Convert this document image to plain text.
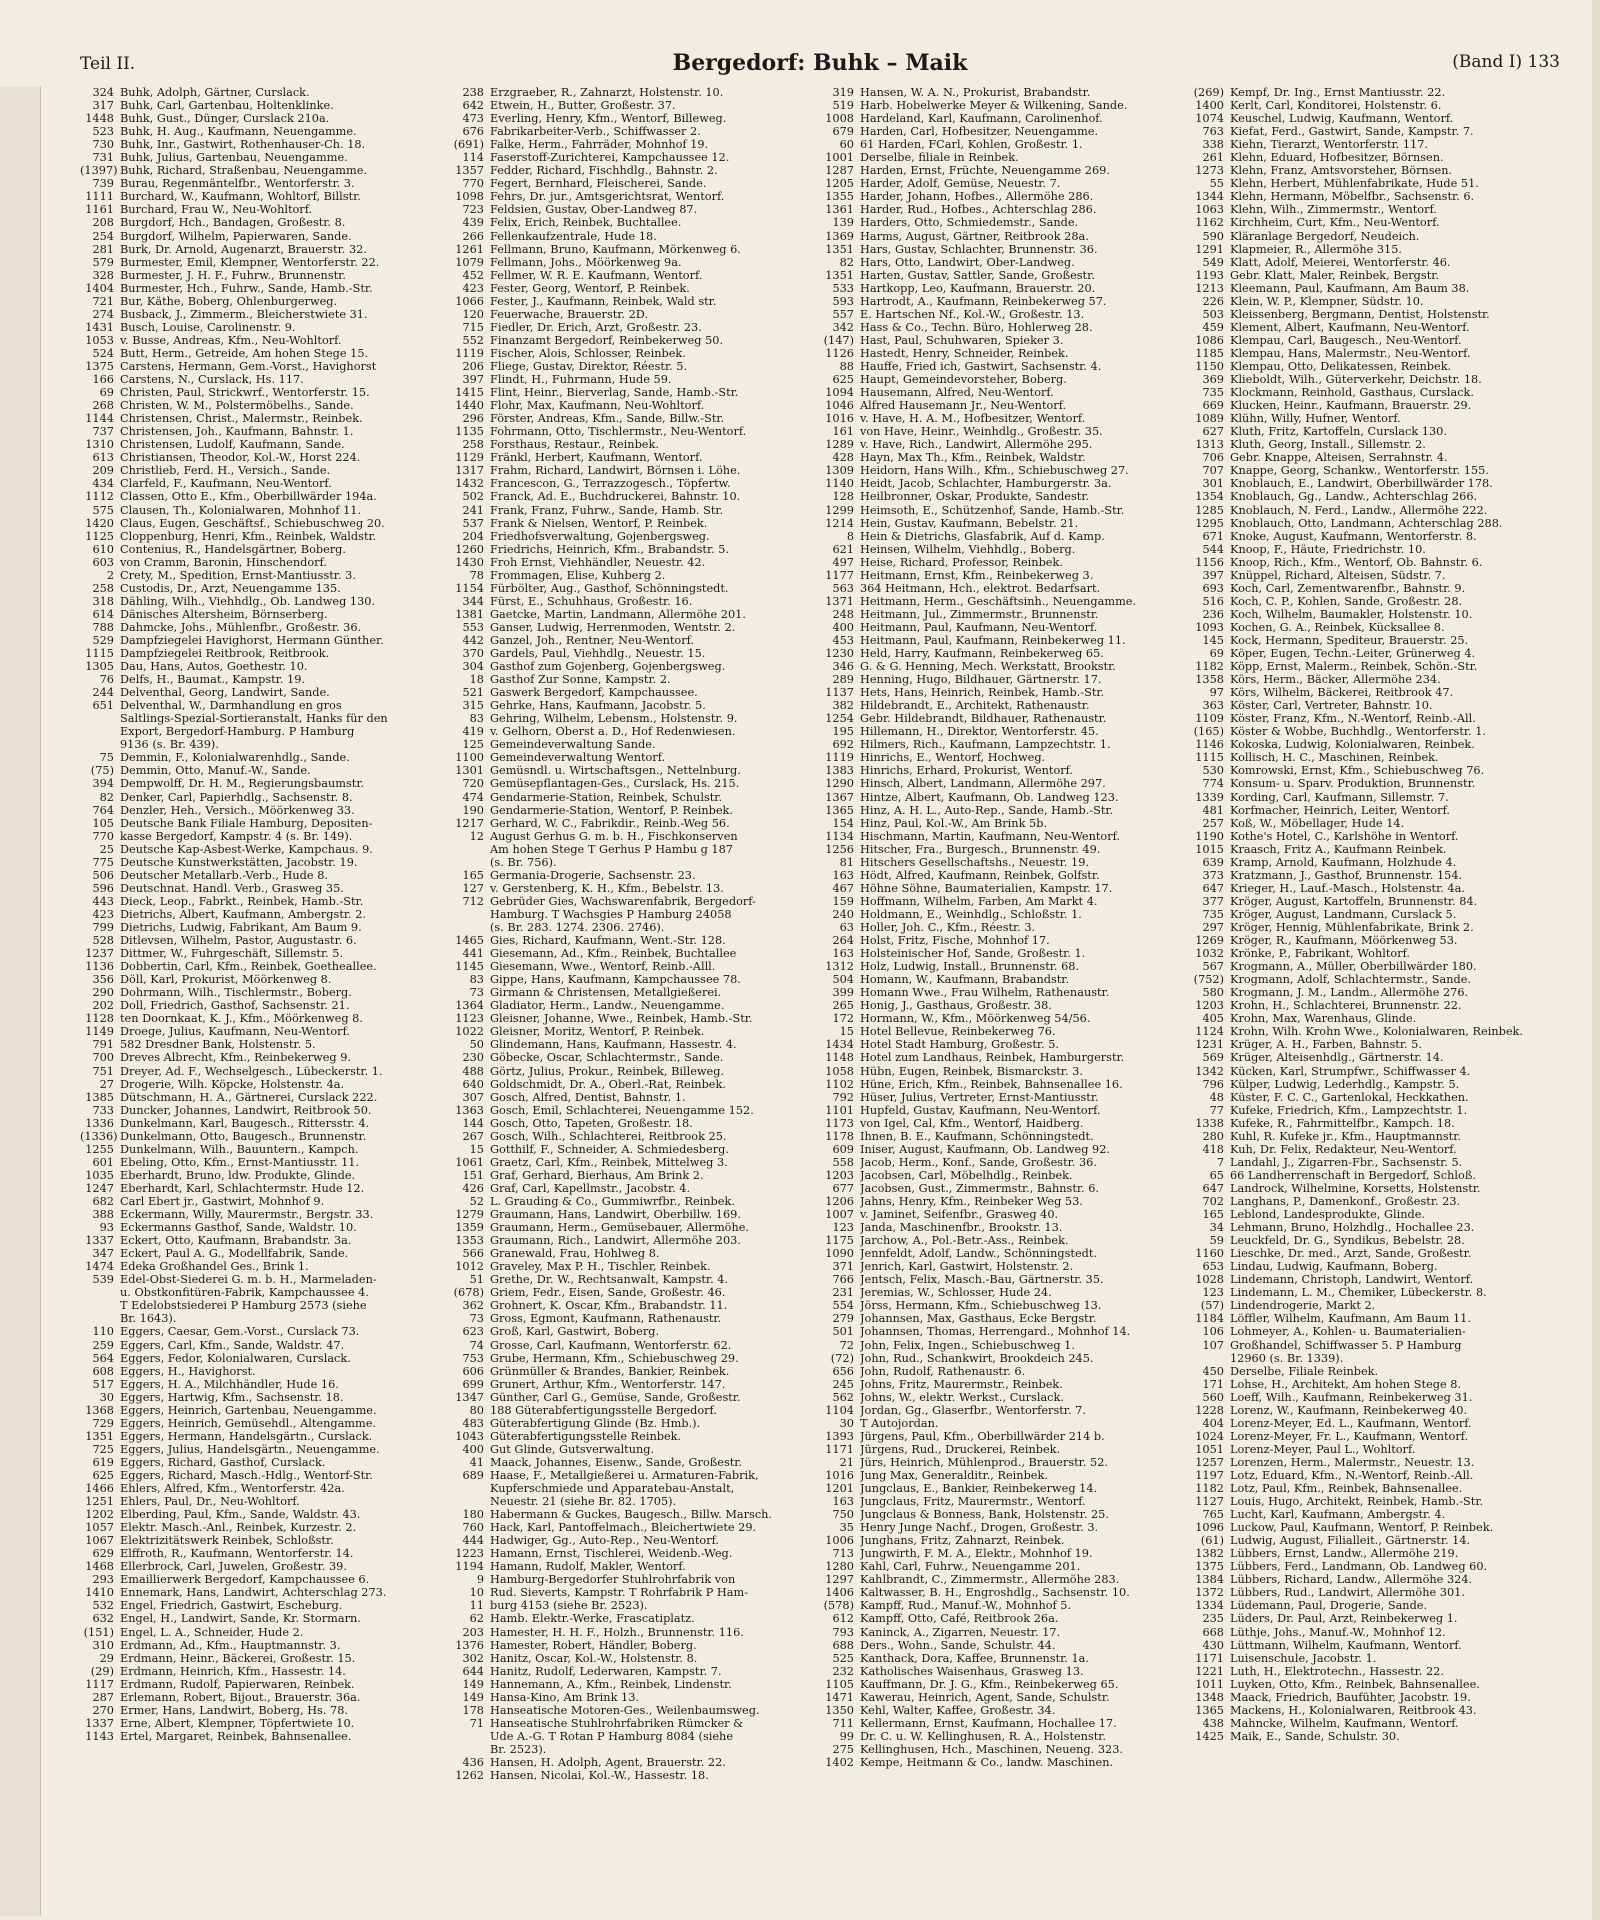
Teil II.	Bergedorf: Buhk – Maik	(Band I) 133
324 Buhk, Adolph, Gärtner, Curslack.
317 Buhk, Carl, Gartenbau, Holtenklinke.
1448 Buhk, Gust., Dünger, Curslack 210a.
523 Buhk, H. Aug., Kaufmann, Neuengamme.
730 Buhk, Inr., Gastwirt, Rothenhauser-Ch. 18.
731 Buhk, Julius, Gartenbau, Neuengamme.
(1397) Buhk, Richard, Straßenbau, Neuengamme.
739 Burau, Regenmäntelfbr., Wentorferstr. 3.
1111 Burchard, W., Kaufmann, Wohltorf, Billstr.
1161 Burchard, Frau W., Neu-Wohltorf.
208 Burgdorf, Hch., Bandagen, Großestr. 8.
254 Burgdorf, Wilhelm, Papierwaren, Sande.
281 Burk, Dr. Arnold, Augenarzt, Brauerstr. 32.
579 Burmester, Emil, Klempner, Wentorferstr. 22.
328 Burmester, J. H. F., Fuhrw., Brunnenstr.
1404 Burmester, Hch., Fuhrw., Sande, Hamb.-Str.
721 Bur, Käthe, Boberg, Ohlenburgerweg.
274 Busback, J., Zimmerm., Bleicherstwiete 31.
1431 Busch, Louise, Carolinenstr. 9.
1053 v. Busse, Andreas, Kfm., Neu-Wohltorf.
524 Butt, Herm., Getreide, Am hohen Stege 15.
1375 Carstens, Hermann, Gem.-Vorst., Havighorst
166 Carstens, N., Curslack, Hs. 117.
69 Christen, Paul, Strickwrf., Wentorferstr. 15.
268 Christen, W. M., Polstermöbelhs., Sande.
1144 Christensen, Christ., Malermstr., Reinbek.
737 Christensen, Joh., Kaufmann, Bahnstr. 1.
1310 Christensen, Ludolf, Kaufmann, Sande.
613 Christiansen, Theodor, Kol.-W., Horst 224.
209 Christlieb, Ferd. H., Versich., Sande.
434 Clarfeld, F., Kaufmann, Neu-Wentorf.
1112 Classen, Otto E., Kfm., Oberbillwärder 194a.
575 Clausen, Th., Kolonialwaren, Mohnhof 11.
1420 Claus, Eugen, Geschäftsf., Schiebuschweg 20.
1125 Cloppenburg, Henri, Kfm., Reinbek, Waldstr.
610 Contenius, R., Handelsgärtner, Boberg.
603 von Cramm, Baronin, Hinschendorf.
2 Crety, M., Spedition, Ernst-Mantiusstr. 3.
258 Custodis, Dr., Arzt, Neuengamme 135.
318 Dähling, Wilh., Viehhdlg., Ob. Landweg 130.
614 Dänisches Altersheim, Börnserberg.
788 Dahmcke, Johs., Mühlenfbr., Großestr. 36.
529 Dampfziegelei Havighorst, Hermann Günther.
1115 Dampfziegelei Reitbrook, Reitbrook.
1305 Dau, Hans, Autos, Goethestr. 10.
76 Delfs, H., Baumat., Kampstr. 19.
244 Delventhal, Georg, Landwirt, Sande.
651 Delventhal, W., Darmhandlung en gros
Saltlings-Spezial-Sortieranstalt, Hanks für den
Export, Bergedorf-Hamburg. P Hamburg
9136 (s. Br. 439).
75 Demmin, F., Kolonialwarenhdlg., Sande.
(75) Demmin, Otto, Manuf.-W., Sande.
394 Dempwolff, Dr. H. M., Regierungsbaumstr.
82 Denker, Carl, Papierhdlg., Sachsenstr. 8.
764 Denzler, Heh., Versich., Möörkenweg 33.
105 Deutsche Bank Filiale Hamburg, Depositen-
770 kasse Bergedorf, Kampstr. 4 (s. Br. 149).
25 Deutsche Kap-Asbest-Werke, Kampchaus. 9.
775 Deutsche Kunstwerkstätten, Jacobstr. 19.
506 Deutscher Metallarb.-Verb., Hude 8.
596 Deutschnat. Handl. Verb., Grasweg 35.
443 Dieck, Leop., Fabrkt., Reinbek, Hamb.-Str.
423 Dietrichs, Albert, Kaufmann, Ambergstr. 2.
799 Dietrichs, Ludwig, Fabrikant, Am Baum 9.
528 Ditlevsen, Wilhelm, Pastor, Augustastr. 6.
1237 Dittmer, W., Fuhrgeschäft, Sillemstr. 5.
1136 Dobbertin, Carl, Kfm., Reinbek, Goetheallee.
356 Döll, Karl, Prokurist, Möörkenweg 8.
290 Dohrmann, Wilh., Tischlermstr., Boberg.
202 Doll, Friedrich, Gasthof, Sachsenstr. 21.
1128 ten Doornkaat, K. J., Kfm., Möörkenweg 8.
1149 Droege, Julius, Kaufmann, Neu-Wentorf.
791 582 Dresdner Bank, Holstenstr. 5.
700 Dreves Albrecht, Kfm., Reinbekerweg 9.
751 Dreyer, Ad. F., Wechselgesch., Lübeckerstr. 1.
27 Drogerie, Wilh. Köpcke, Holstenstr. 4a.
1385 Dütschmann, H. A., Gärtnerei, Curslack 222.
733 Duncker, Johannes, Landwirt, Reitbrook 50.
1336 Dunkelmann, Karl, Baugesch., Rittersstr. 4.
(1336) Dunkelmann, Otto, Baugesch., Brunnenstr.
1255 Dunkelmann, Wilh., Bauuntern., Kampch.
601 Ebeling, Otto, Kfm., Ernst-Mantiusstr. 11.
1035 Eberhardt, Bruno, ldw. Produkte, Glinde.
1247 Eberhardt, Karl, Schlachtermstr. Hude 12.
682 Carl Ebert jr., Gastwirt, Mohnhof 9.
388 Eckermann, Willy, Maurermstr., Bergstr. 33.
93 Eckermanns Gasthof, Sande, Waldstr. 10.
1337 Eckert, Otto, Kaufmann, Brabandstr. 3a.
347 Eckert, Paul A. G., Modellfabrik, Sande.
1474 Edeka Großhandel Ges., Brink 1.
539 Edel-Obst-Siederei G. m. b. H., Marmeladen-
u. Obstkonfitüren-Fabrik, Kampchaussee 4.
T Edelobstsiederei P Hamburg 2573 (siehe
Br. 1643).
110 Eggers, Caesar, Gem.-Vorst., Curslack 73.
259 Eggers, Carl, Kfm., Sande, Waldstr. 47.
564 Eggers, Fedor, Kolonialwaren, Curslack.
608 Eggers, H., Havighorst.
517 Eggers, H. A., Milchhändler, Hude 16.
30 Eggers, Hartwig, Kfm., Sachsenstr. 18.
1368 Eggers, Heinrich, Gartenbau, Neuengamme.
729 Eggers, Heinrich, Gemüsehdl., Altengamme.
1351 Eggers, Hermann, Handelsgärtn., Curslack.
725 Eggers, Julius, Handelsgärtn., Neuengamme.
619 Eggers, Richard, Gasthof, Curslack.
625 Eggers, Richard, Masch.-Hdlg., Wentorf-Str.
1466 Ehlers, Alfred, Kfm., Wentorferstr. 42a.
1251 Ehlers, Paul, Dr., Neu-Wohltorf.
1202 Elberding, Paul, Kfm., Sande, Waldstr. 43.
1057 Elektr. Masch.-Anl., Reinbek, Kurzestr. 2.
1067 Elektrizitätswerk Reinbek, Schloßstr.
629 Elffroth, R., Kaufmann, Wentorferstr. 14.
1468 Ellerbrock, Carl, Juwelen, Großestr. 39.
293 Emaillierwerk Bergedorf, Kampchaussee 6.
1410 Ennemark, Hans, Landwirt, Achterschlag 273.
532 Engel, Friedrich, Gastwirt, Escheburg.
632 Engel, H., Landwirt, Sande, Kr. Stormarn.
(151) Engel, L. A., Schneider, Hude 2.
310 Erdmann, Ad., Kfm., Hauptmannstr. 3.
29 Erdmann, Heinr., Bäckerei, Großestr. 15.
(29) Erdmann, Heinrich, Kfm., Hassestr. 14.
1117 Erdmann, Rudolf, Papierwaren, Reinbek.
287 Erlemann, Robert, Bijout., Brauerstr. 36a.
270 Ermer, Hans, Landwirt, Boberg, Hs. 78.
1337 Erne, Albert, Klempner, Töpfertwiete 10.
1143 Ertel, Margaret, Reinbek, Bahnsenallee.
238 Erzgraeber, R., Zahnarzt, Holstenstr. 10.
642 Etwein, H., Butter, Großestr. 37.
473 Everling, Henry, Kfm., Wentorf, Billeweg.
676 Fabrikarbeiter-Verb., Schiffwasser 2.
(691) Falke, Herm., Fahrräder, Mohnhof 19.
114 Faserstoff-Zurichterei, Kampchaussee 12.
1357 Fedder, Richard, Fischhdlg., Bahnstr. 2.
770 Fegert, Bernhard, Fleischerei, Sande.
1098 Fehrs, Dr. jur., Amtsgerichtsrat, Wentorf.
723 Feldsien, Gustav, Ober-Landweg 87.
439 Felix, Erich, Reinbek, Buchtallee.
266 Fellenkaufzentrale, Hude 18.
1261 Fellmann, Bruno, Kaufmann, Mörkenweg 6.
1079 Fellmann, Johs., Möörkenweg 9a.
452 Fellmer, W. R. E. Kaufmann, Wentorf.
423 Fester, Georg, Wentorf, P. Reinbek.
1066 Fester, J., Kaufmann, Reinbek, Wald str.
120 Feuerwache, Brauerstr. 2D.
715 Fiedler, Dr. Erich, Arzt, Großestr. 23.
552 Finanzamt Bergedorf, Reinbekerweg 50.
1119 Fischer, Alois, Schlosser, Reinbek.
206 Fliege, Gustav, Direktor, Réestr. 5.
397 Flindt, H., Fuhrmann, Hude 59.
1415 Flint, Heinr., Bierverlag, Sande, Hamb.-Str.
1440 Flohr, Max, Kaufmann, Neu-Wohltorf.
296 Förster, Andreas, Kfm., Sande, Billw.-Str.
1135 Fohrmann, Otto, Tischlermstr., Neu-Wentorf.
258 Forsthaus, Restaur., Reinbek.
1129 Fränkl, Herbert, Kaufmann, Wentorf.
1317 Frahm, Richard, Landwirt, Börnsen i. Löhe.
1432 Francescon, G., Terrazzogesch., Töpfertw.
502 Franck, Ad. E., Buchdruckerei, Bahnstr. 10.
241 Frank, Franz, Fuhrw., Sande, Hamb. Str.
537 Frank & Nielsen, Wentorf, P. Reinbek.
204 Friedhofsverwaltung, Gojenbergsweg.
1260 Friedrichs, Heinrich, Kfm., Brabandstr. 5.
1430 Froh Ernst, Viehhändler, Neuestr. 42.
78 Frommagen, Elise, Kuhberg 2.
1154 Fürbölter, Aug., Gasthof, Schönningstedt.
344 Fürst, E., Schuhhaus, Großestr. 16.
1381 Gaetcke, Martin, Landmann, Allermöhe 201.
553 Ganser, Ludwig, Herrenmoden, Wentstr. 2.
442 Ganzel, Joh., Rentner, Neu-Wentorf.
370 Gardels, Paul, Viehhdlg., Neuestr. 15.
304 Gasthof zum Gojenberg, Gojenbergsweg.
18 Gasthof Zur Sonne, Kampstr. 2.
521 Gaswerk Bergedorf, Kampchaussee.
315 Gehrke, Hans, Kaufmann, Jacobstr. 5.
83 Gehring, Wilhelm, Lebensm., Holstenstr. 9.
419 v. Gelhorn, Oberst a. D., Hof Redenwiesen.
125 Gemeindeverwaltung Sande.
1100 Gemeindeverwaltung Wentorf.
1301 Gemüsndl. u. Wirtschaftsgen., Nettelnburg.
720 Gemüsepflantagen-Ges., Curslack, Hs. 215.
474 Gendarmerie-Station, Reinbek, Schulstr.
190 Gendarmerie-Station, Wentorf, P. Reinbek.
1217 Gerhard, W. C., Fabrikdir., Reinb.-Weg 56.
12 August Gerhus G. m. b. H., Fischkonserven
Am hohen Stege T Gerhus P Hambu g 187
(s. Br. 756).
165 Germania-Drogerie, Sachsenstr. 23.
127 v. Gerstenberg, K. H., Kfm., Bebelstr. 13.
712 Gebrüder Gies, Wachswarenfabrik, Bergedorf-
Hamburg. T Wachsgies P Hamburg 24058
(s. Br. 283. 1274. 2306. 2746).
1465 Gies, Richard, Kaufmann, Went.-Str. 128.
441 Giesemann, Ad., Kfm., Reinbek, Buchtallee
1145 Giesemann, Wwe., Wentorf, Reinb.-Alll.
83 Gippe, Hans, Kaufmann, Kampchaussee 78.
73 Girmann & Christensen, Metallgießerei.
1364 Gladiator, Herm., Landw., Neuengamme.
1123 Gleisner, Johanne, Wwe., Reinbek, Hamb.-Str.
1022 Gleisner, Moritz, Wentorf, P. Reinbek.
50 Glindemann, Hans, Kaufmann, Hassestr. 4.
230 Göbecke, Oscar, Schlachtermstr., Sande.
488 Görtz, Julius, Prokur., Reinbek, Billeweg.
640 Goldschmidt, Dr. A., Oberl.-Rat, Reinbek.
307 Gosch, Alfred, Dentist, Bahnstr. 1.
1363 Gosch, Emil, Schlachterei, Neuengamme 152.
144 Gosch, Otto, Tapeten, Großestr. 18.
267 Gosch, Wilh., Schlachterei, Reitbrook 25.
15 Gotthilf, F., Schneider, A. Schmiedesberg.
1061 Graetz, Carl, Kfm., Reinbek, Mittelweg 3.
151 Graf, Gerhard, Bierhaus, Am Brink 2.
426 Graf, Carl, Kapellmstr., Jacobstr. 4.
52 L. Grauding & Co., Gummiwrfbr., Reinbek.
1279 Graumann, Hans, Landwirt, Oberbillw. 169.
1359 Graumann, Herm., Gemüsebauer, Allermöhe.
1353 Graumann, Rich., Landwirt, Allermöhe 203.
566 Granewald, Frau, Hohlweg 8.
1012 Graveley, Max P. H., Tischler, Reinbek.
51 Grethe, Dr. W., Rechtsanwalt, Kampstr. 4.
(678) Griem, Fedr., Eisen, Sande, Großestr. 46.
362 Grohnert, K. Oscar, Kfm., Brabandstr. 11.
73 Gross, Egmont, Kaufmann, Rathenaustr.
623 Groß, Karl, Gastwirt, Boberg.
74 Grosse, Carl, Kaufmann, Wentorferstr. 62.
753 Grube, Hermann, Kfm., Schiebuschweg 29.
606 Grünmüller & Brandes, Bankier, Reinbek.
699 Grunert, Arthur, Kfm., Wentorferstr. 147.
1347 Günther, Carl G., Gemüse, Sande, Großestr.
80 188 Güterabfertigungsstelle Bergedorf.
483 Güterabfertigung Glinde (Bz. Hmb.).
1043 Güterabfertigungsstelle Reinbek.
400 Gut Glinde, Gutsverwaltung.
41 Maack, Johannes, Eisenw., Sande, Großestr.
689 Haase, F., Metallgießerei u. Armaturen-Fabrik,
Kupferschmiede und Apparatebau-Anstalt,
Neuestr. 21 (siehe Br. 82. 1705).
180 Habermann & Guckes, Baugesch., Billw. Marsch.
760 Hack, Karl, Pantoffelmach., Bleichertwiete 29.
444 Hadwiger, Gg., Auto-Rep., Neu-Wentorf.
1223 Hamann, Ernst, Tischlerei, Weidenb.-Weg.
1194 Hamann, Rudolf, Makler, Wentorf.
9 Hamburg-Bergedorfer Stuhlrohrfabrik von
10 Rud. Sieverts, Kampstr. T Rohrfabrik P Ham-
11 burg 4153 (siehe Br. 2523).
62 Hamb. Elektr.-Werke, Frascatiplatz.
203 Hamester, H. H. F., Holzh., Brunnenstr. 116.
1376 Hamester, Robert, Händler, Boberg.
302 Hanitz, Oscar, Kol.-W., Holstenstr. 8.
644 Hanitz, Rudolf, Lederwaren, Kampstr. 7.
149 Hannemann, A., Kfm., Reinbek, Lindenstr.
149 Hansa-Kino, Am Brink 13.
178 Hanseatische Motoren-Ges., Weilenbaumsweg.
71 Hanseatische Stuhlrohrfabriken Rümcker &
Ude A.-G. T Rotan P Hamburg 8084 (siehe
Br. 2523).
436 Hansen, H. Adolph, Agent, Brauerstr. 22.
1262 Hansen, Nicolai, Kol.-W., Hassestr. 18.
319 Hansen, W. A. N., Prokurist, Brabandstr.
519 Harb. Hobelwerke Meyer & Wilkening, Sande.
1008 Hardeland, Karl, Kaufmann, Carolinenhof.
679 Harden, Carl, Hofbesitzer, Neuengamme.
60 61 Harden, FCarl, Kohlen, Großestr. 1.
1001 Derselbe, filiale in Reinbek.
1287 Harden, Ernst, Früchte, Neuengamme 269.
1205 Harder, Adolf, Gemüse, Neuestr. 7.
1355 Harder, Johann, Hofbes., Allermöhe 286.
1361 Harder, Rud., Hofbes., Achterschlag 286.
139 Harders, Otto, Schmiedemstr., Sande.
1369 Harms, August, Gärtner, Reitbrook 28a.
1351 Hars, Gustav, Schlachter, Brunnenstr. 36.
82 Hars, Otto, Landwirt, Ober-Landweg.
1351 Harten, Gustav, Sattler, Sande, Großestr.
533 Hartkopp, Leo, Kaufmann, Brauerstr. 20.
593 Hartrodt, A., Kaufmann, Reinbekerweg 57.
557 E. Hartschen Nf., Kol.-W., Großestr. 13.
342 Hass & Co., Techn. Büro, Hohlerweg 28.
(147) Hast, Paul, Schuhwaren, Spieker 3.
1126 Hastedt, Henry, Schneider, Reinbek.
88 Hauffe, Fried ich, Gastwirt, Sachsenstr. 4.
625 Haupt, Gemeindevorsteher, Boberg.
1094 Hausemann, Alfred, Neu-Wentorf.
1046 Alfred Hausemann Jr., Neu-Wentorf.
1016 v. Have, H. A. M., Hofbesitzer, Wentorf.
161 von Have, Heinr., Weinhdlg., Großestr. 35.
1289 v. Have, Rich., Landwirt, Allermöhe 295.
428 Hayn, Max Th., Kfm., Reinbek, Waldstr.
1309 Heidorn, Hans Wilh., Kfm., Schiebuschweg 27.
1140 Heidt, Jacob, Schlachter, Hamburgerstr. 3a.
128 Heilbronner, Oskar, Produkte, Sandestr.
1299 Heimsoth, E., Schützenhof, Sande, Hamb.-Str.
1214 Hein, Gustav, Kaufmann, Bebelstr. 21.
8 Hein & Dietrichs, Glasfabrik, Auf d. Kamp.
621 Heinsen, Wilhelm, Viehhdlg., Boberg.
497 Heise, Richard, Professor, Reinbek.
1177 Heitmann, Ernst, Kfm., Reinbekerweg 3.
563 364 Heitmann, Hch., elektrot. Bedarfsart.
1371 Heitmann, Herm., Geschäftsinh., Neuengamme.
248 Heitmann, Jul., Zimmermstr., Brunnenstr.
400 Heitmann, Paul, Kaufmann, Neu-Wentorf.
453 Heitmann, Paul, Kaufmann, Reinbekerweg 11.
1230 Held, Harry, Kaufmann, Reinbekerweg 65.
346 G. & G. Henning, Mech. Werkstatt, Brookstr.
289 Henning, Hugo, Bildhauer, Gärtnerstr. 17.
1137 Hets, Hans, Heinrich, Reinbek, Hamb.-Str.
382 Hildebrandt, E., Architekt, Rathenaustr.
1254 Gebr. Hildebrandt, Bildhauer, Rathenaustr.
195 Hillemann, H., Direktor, Wentorferstr. 45.
692 Hilmers, Rich., Kaufmann, Lampzechtstr. 1.
1119 Hinrichs, E., Wentorf, Hochweg.
1383 Hinrichs, Erhard, Prokurist, Wentorf.
1290 Hinsch, Albert, Landmann, Allermöhe 297.
1367 Hintze, Albert, Kaufmann, Ob. Landweg 123.
1365 Hinz, A. H. L., Auto-Rep., Sande, Hamb.-Str.
154 Hinz, Paul, Kol.-W., Am Brink 5b.
1134 Hischmann, Martin, Kaufmann, Neu-Wentorf.
1256 Hitscher, Fra., Burgesch., Brunnenstr. 49.
81 Hitschers Gesellschaftshs., Neuestr. 19.
163 Hödt, Alfred, Kaufmann, Reinbek, Golfstr.
467 Höhne Söhne, Baumaterialien, Kampstr. 17.
159 Hoffmann, Wilhelm, Farben, Am Markt 4.
240 Holdmann, E., Weinhdlg., Schloßstr. 1.
63 Holler, Joh. C., Kfm., Réestr. 3.
264 Holst, Fritz, Fische, Mohnhof 17.
163 Holsteinischer Hof, Sande, Großestr. 1.
1312 Holz, Ludwig, Install., Brunnenstr. 68.
504 Homann, W., Kaufmann, Brabandstr.
399 Homann Wwe., Frau Wilhelm, Rathenaustr.
265 Honig, J., Gasthaus, Großestr. 38.
172 Hormann, W., Kfm., Möörkenweg 54/56.
15 Hotel Bellevue, Reinbekerweg 76.
1434 Hotel Stadt Hamburg, Großestr. 5.
1148 Hotel zum Landhaus, Reinbek, Hamburgerstr.
1058 Hübn, Eugen, Reinbek, Bismarckstr. 3.
1102 Hüne, Erich, Kfm., Reinbek, Bahnsenallee 16.
792 Hüser, Julius, Vertreter, Ernst-Mantiusstr.
1101 Hupfeld, Gustav, Kaufmann, Neu-Wentorf.
1173 von Igel, Cal, Kfm., Wentorf, Haidberg.
1178 Ihnen, B. E., Kaufmann, Schönningstedt.
609 Iniser, August, Kaufmann, Ob. Landweg 92.
558 Jacob, Herm., Konf., Sande, Großestr. 36.
1203 Jacobsen, Carl, Möbelhdlg., Reinbek.
677 Jacobsen, Gust., Zimmermstr., Bahnstr. 6.
1206 Jahns, Henry, Kfm., Reinbeker Weg 53.
1007 v. Jaminet, Seifenfbr., Grasweg 40.
123 Janda, Maschinenfbr., Brookstr. 13.
1175 Jarchow, A., Pol.-Betr.-Ass., Reinbek.
1090 Jennfeldt, Adolf, Landw., Schönningstedt.
371 Jenrich, Karl, Gastwirt, Holstenstr. 2.
766 Jentsch, Felix, Masch.-Bau, Gärtnerstr. 35.
231 Jeremias, W., Schlosser, Hude 24.
554 Jörss, Hermann, Kfm., Schiebuschweg 13.
279 Johannsen, Max, Gasthaus, Ecke Bergstr.
501 Johannsen, Thomas, Herrengard., Mohnhof 14.
72 John, Felix, Ingen., Schiebuschweg 1.
(72) John, Rud., Schankwirt, Brookdeich 245.
656 John, Rudolf, Rathenaustr. 6.
245 Johns, Fritz, Maurermstr., Reinbek.
562 Johns, W., elektr. Werkst., Curslack.
1104 Jordan, Gg., Glaserfbr., Wentorferstr. 7.
30 T Autojordan.
1393 Jürgens, Paul, Kfm., Oberbillwärder 214 b.
1171 Jürgens, Rud., Druckerei, Reinbek.
21 Jürs, Heinrich, Mühlenprod., Brauerstr. 52.
1016 Jung Max, Generalditr., Reinbek.
1201 Jungclaus, E., Bankier, Reinbekerweg 14.
163 Jungclaus, Fritz, Maurermstr., Wentorf.
750 Jungclaus & Bonness, Bank, Holstenstr. 25.
35 Henry Junge Nachf., Drogen, Großestr. 3.
1006 Junghans, Fritz, Zahnarzt, Reinbek.
713 Jungwirth, F. M. A., Elektr., Mohnhof 19.
1280 Kahl, Carl, Fuhrw., Neuengamme 201.
1297 Kahlbrandt, C., Zimmermstr., Allermöhe 283.
1406 Kaltwasser, B. H., Engroshdlg., Sachsenstr. 10.
(578) Kampff, Rud., Manuf.-W., Mohnhof 5.
612 Kampff, Otto, Café, Reitbrook 26a.
793 Kaninck, A., Zigarren, Neuestr. 17.
688 Ders., Wohn., Sande, Schulstr. 44.
525 Kanthack, Dora, Kaffee, Brunnenstr. 1a.
232 Katholisches Waisenhaus, Grasweg 13.
1105 Kauffmann, Dr. J. G., Kfm., Reinbekerweg 65.
1471 Kawerau, Heinrich, Agent, Sande, Schulstr.
1350 Kehl, Walter, Kaffee, Großestr. 34.
711 Kellermann, Ernst, Kaufmann, Hochallee 17.
99 Dr. C. u. W. Kellinghusen, R. A., Holstenstr.
275 Kellinghusen, Hch., Maschinen, Neueng. 323.
1402 Kempe, Heitmann & Co., landw. Maschinen.
(269) Kempf, Dr. Ing., Ernst Mantiusstr. 22.
1400 Kerlt, Carl, Konditorei, Holstenstr. 6.
1074 Keuschel, Ludwig, Kaufmann, Wentorf.
763 Kiefat, Ferd., Gastwirt, Sande, Kampstr. 7.
338 Kiehn, Tierarzt, Wentorferstr. 117.
261 Klehn, Eduard, Hofbesitzer, Börnsen.
1273 Klehn, Franz, Amtsvorsteher, Börnsen.
55 Klehn, Herbert, Mühlenfabrikate, Hude 51.
1344 Klehn, Hermann, Möbelfbr., Sachsenstr. 6.
1063 Klehn, Wilh., Zimmermstr., Wentorf.
1162 Kirchheim, Curt, Kfm., Neu-Wentorf.
590 Kläranlage Bergedorf, Neudeich.
1291 Klapmeier, R., Allermöhe 315.
549 Klatt, Adolf, Meierei, Wentorferstr. 46.
1193 Gebr. Klatt, Maler, Reinbek, Bergstr.
1213 Kleemann, Paul, Kaufmann, Am Baum 38.
226 Klein, W. P., Klempner, Südstr. 10.
503 Kleissenberg, Bergmann, Dentist, Holstenstr.
459 Klement, Albert, Kaufmann, Neu-Wentorf.
1086 Klempau, Carl, Baugesch., Neu-Wentorf.
1185 Klempau, Hans, Malermstr., Neu-Wentorf.
1150 Klempau, Otto, Delikatessen, Reinbek.
369 Klieboldt, Wilh., Güterverkehr, Deichstr. 18.
735 Klockmann, Reinhold, Gasthaus, Curslack.
669 Klucken, Heinr., Kaufmann, Brauerstr. 29.
1089 Klühn, Willy, Hufner, Wentorf.
627 Kluth, Fritz, Kartoffeln, Curslack 130.
1313 Kluth, Georg, Install., Sillemstr. 2.
706 Gebr. Knappe, Alteisen, Serrahnstr. 4.
707 Knappe, Georg, Schankw., Wentorferstr. 155.
301 Knoblauch, E., Landwirt, Oberbillwärder 178.
1354 Knoblauch, Gg., Landw., Achterschlag 266.
1285 Knoblauch, N. Ferd., Landw., Allermöhe 222.
1295 Knoblauch, Otto, Landmann, Achterschlag 288.
671 Knoke, August, Kaufmann, Wentorferstr. 8.
544 Knoop, F., Häute, Friedrichstr. 10.
1156 Knoop, Rich., Kfm., Wentorf, Ob. Bahnstr. 6.
397 Knüppel, Richard, Alteisen, Südstr. 7.
693 Koch, Carl, Zementwarenfbr., Bahnstr. 9.
516 Koch, C. P., Kohlen, Sande, Großestr. 28.
236 Koch, Wilhelm, Baumakler, Holstenstr. 10.
1093 Kochen, G. A., Reinbek, Kücksallee 8.
145 Kock, Hermann, Spediteur, Brauerstr. 25.
69 Köper, Eugen, Techn.-Leiter, Grünerweg 4.
1182 Köpp, Ernst, Malerm., Reinbek, Schön.-Str.
1358 Körs, Herm., Bäcker, Allermöhe 234.
97 Körs, Wilhelm, Bäckerei, Reitbrook 47.
363 Köster, Carl, Vertreter, Bahnstr. 10.
1109 Köster, Franz, Kfm., N.-Wentorf, Reinb.-All.
(165) Köster & Wobbe, Buchhdlg., Wentorferstr. 1.
1146 Kokoska, Ludwig, Kolonialwaren, Reinbek.
1115 Kollisch, H. C., Maschinen, Reinbek.
530 Komrowski, Ernst, Kfm., Schiebuschweg 76.
774 Konsum- u. Sparv. Produktion, Brunnenstr.
1339 Kording, Carl, Kaufmann, Sillemstr. 7.
481 Korfmacher, Heinrich, Leiter, Wentorf.
257 Koß, W., Möbellager, Hude 14.
1190 Kothe's Hotel, C., Karlshöhe in Wentorf.
1015 Kraasch, Fritz A., Kaufmann Reinbek.
639 Kramp, Arnold, Kaufmann, Holzhude 4.
373 Kratzmann, J., Gasthof, Brunnenstr. 154.
647 Krieger, H., Lauf.-Masch., Holstenstr. 4a.
377 Kröger, August, Kartoffeln, Brunnenstr. 84.
735 Kröger, August, Landmann, Curslack 5.
297 Kröger, Hennig, Mühlenfabrikate, Brink 2.
1269 Kröger, R., Kaufmann, Möörkenweg 53.
1032 Krönke, P., Fabrikant, Wohltorf.
567 Krogmann, A., Müller, Oberbillwärder 180.
(752) Krogmann, Adolf, Schlachtermstr., Sande.
580 Krogmann, J. M., Landm., Allermöhe 276.
1203 Krohn, H., Schlachterei, Brunnenstr. 22.
405 Krohn, Max, Warenhaus, Glinde.
1124 Krohn, Wilh. Krohn Wwe., Kolonialwaren, Reinbek.
1231 Krüger, A. H., Farben, Bahnstr. 5.
569 Krüger, Alteisenhdlg., Gärtnerstr. 14.
1342 Kücken, Karl, Strumpfwr., Schiffwasser 4.
796 Külper, Ludwig, Lederhdlg., Kampstr. 5.
48 Küster, F. C. C., Gartenlokal, Heckkathen.
77 Kufeke, Friedrich, Kfm., Lampzechtstr. 1.
1338 Kufeke, R., Fahrmittelfbr., Kampch. 18.
280 Kuhl, R. Kufeke jr., Kfm., Hauptmannstr.
418 Kuh, Dr. Felix, Redakteur, Neu-Wentorf.
7 Landahl, J., Zigarren-Fbr., Sachsenstr. 5.
65 66 Landherrenschaft in Bergedorf, Schloß.
647 Landrock, Wilhelmine, Korsetts, Holstenstr.
702 Langhans, P., Damenkonf., Großestr. 23.
165 Leblond, Landesprodukte, Glinde.
34 Lehmann, Bruno, Holzhdlg., Hochallee 23.
59 Leuckfeld, Dr. G., Syndikus, Bebelstr. 28.
1160 Lieschke, Dr. med., Arzt, Sande, Großestr.
653 Lindau, Ludwig, Kaufmann, Boberg.
1028 Lindemann, Christoph, Landwirt, Wentorf.
123 Lindemann, L. M., Chemiker, Lübeckerstr. 8.
(57) Lindendrogerie, Markt 2.
1184 Löffler, Wilhelm, Kaufmann, Am Baum 11.
106 Lohmeyer, A., Kohlen- u. Baumaterialien-
107 Großhandel, Schiffwasser 5. P Hamburg
12960 (s. Br. 1339).
450 Derselbe, Filiale Reinbek.
171 Lohse, H., Architekt, Am hohen Stege 8.
560 Loeff, Wilh., Kaufmann, Reinbekerweg 31.
1228 Lorenz, W., Kaufmann, Reinbekerweg 40.
404 Lorenz-Meyer, Ed. L., Kaufmann, Wentorf.
1024 Lorenz-Meyer, Fr. L., Kaufmann, Wentorf.
1051 Lorenz-Meyer, Paul L., Wohltorf.
1257 Lorenzen, Herm., Malermstr., Neuestr. 13.
1197 Lotz, Eduard, Kfm., N.-Wentorf, Reinb.-All.
1182 Lotz, Paul, Kfm., Reinbek, Bahnsenallee.
1127 Louis, Hugo, Architekt, Reinbek, Hamb.-Str.
765 Lucht, Karl, Kaufmann, Ambergstr. 4.
1096 Luckow, Paul, Kaufmann, Wentorf, P. Reinbek.
(61) Ludwig, August, Filialleit., Gärtnerstr. 14.
1382 Lübbers, Ernst, Landw., Allermöhe 219.
1375 Lübbers, Ferd., Landmann, Ob. Landweg 60.
1384 Lübbers, Richard, Landw., Allermöhe 324.
1372 Lübbers, Rud., Landwirt, Allermöhe 301.
1334 Lüdemann, Paul, Drogerie, Sande.
235 Lüders, Dr. Paul, Arzt, Reinbekerweg 1.
668 Lüthje, Johs., Manuf.-W., Mohnhof 12.
430 Lüttmann, Wilhelm, Kaufmann, Wentorf.
1171 Luisenschule, Jacobstr. 1.
1221 Luth, H., Elektrotechn., Hassestr. 22.
1011 Luyken, Otto, Kfm., Reinbek, Bahnsenallee.
1348 Maack, Friedrich, Baufühter, Jacobstr. 19.
1365 Mackens, H., Kolonialwaren, Reitbrook 43.
438 Mahncke, Wilhelm, Kaufmann, Wentorf.
1425 Maik, E., Sande, Schulstr. 30.
